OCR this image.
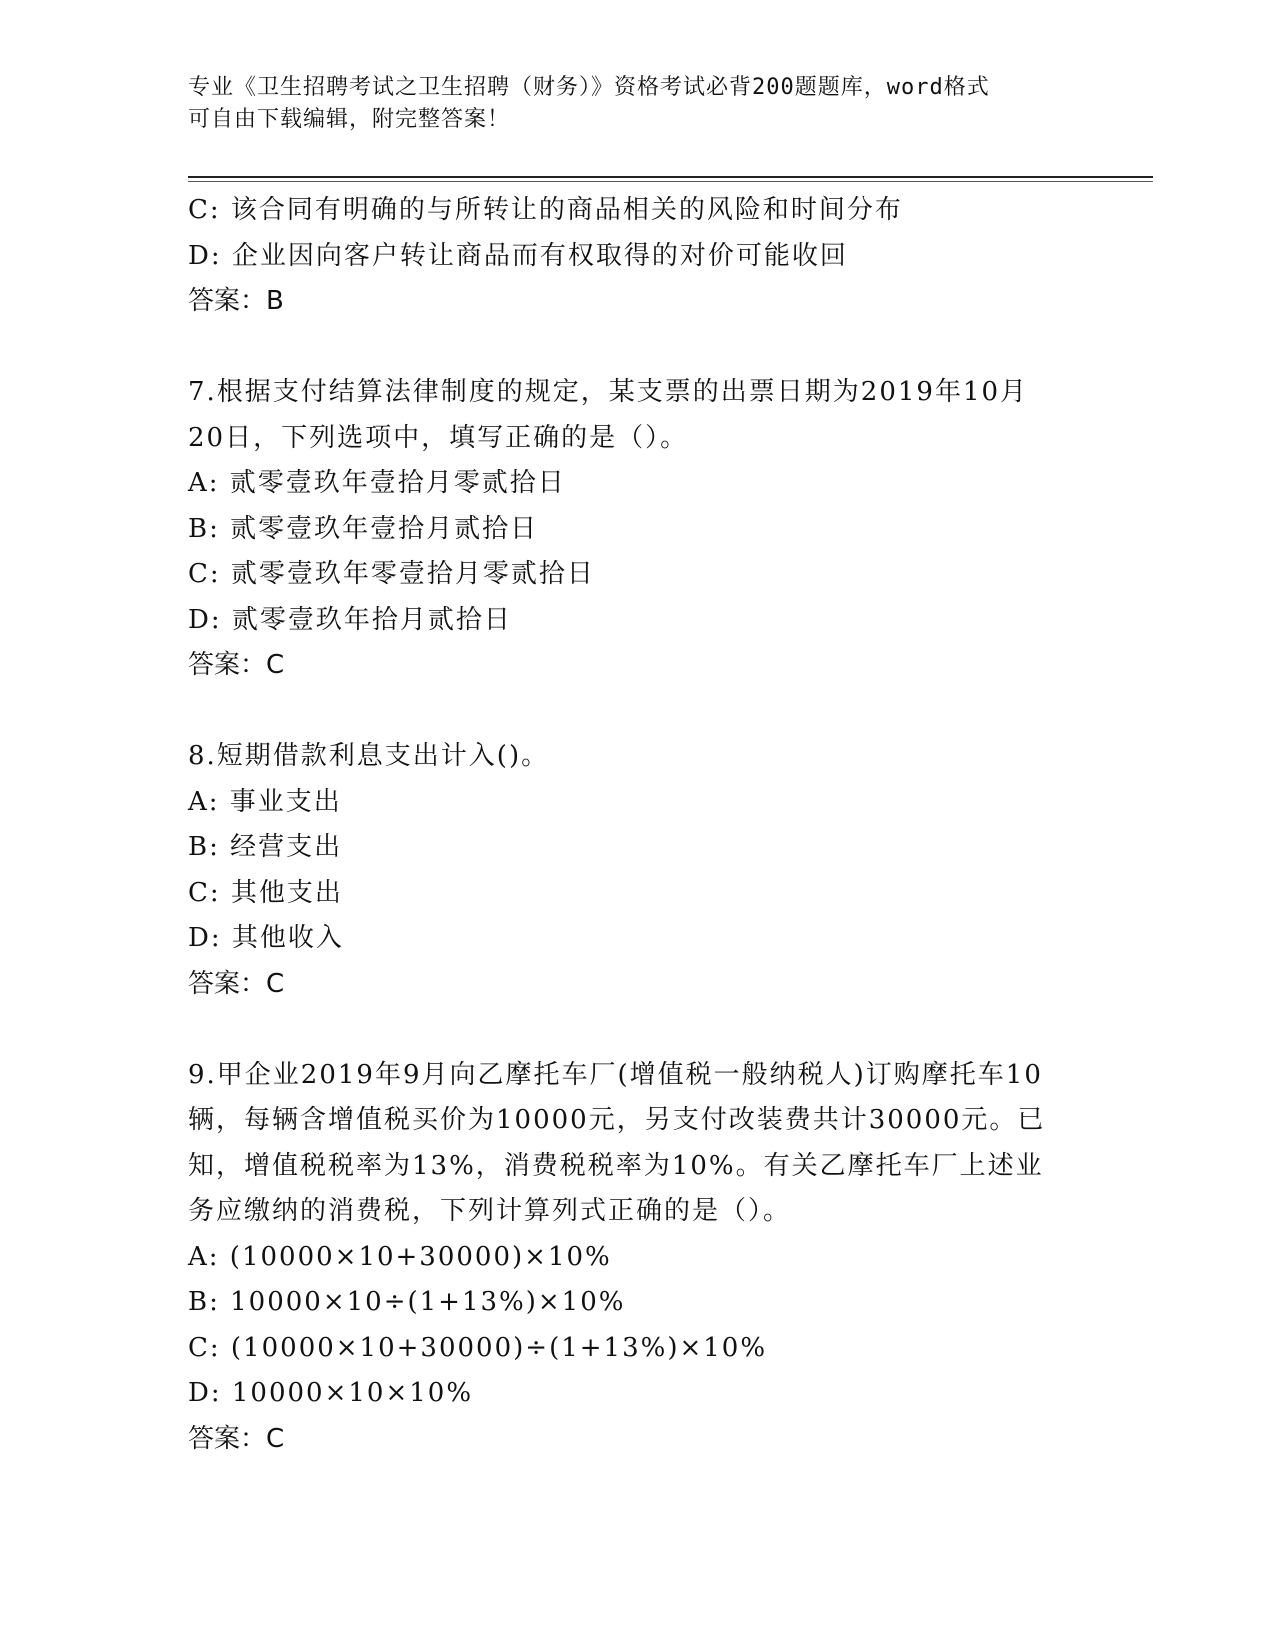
专业《卫生招聘考试之卫生招聘（财务）》资格考试必背200题题库，word格式
可自由下载编辑，附完整答案！
C: 该合同有明确的与所转让的商品相关的风险和时间分布
D: 企业因向客户转让商品而有权取得的对价可能收回
答案：B
7.根据支付结算法律制度的规定，某支票的出票日期为2019年10月
20日，下列选项中，填写正确的是（）。
A: 贰零壹玖年壹拾月零贰拾日
B: 贰零壹玖年壹拾月贰拾日
C: 贰零壹玖年零壹拾月零贰拾日
D: 贰零壹玖年拾月贰拾日
答案：C
8.短期借款利息支出计入()。
A: 事业支出
B: 经营支出
C: 其他支出
D: 其他收入
答案：C
9.甲企业2019年9月向乙摩托车厂(增值税一般纳税人)订购摩托车10
辆，每辆含增值税买价为10000元，另支付改装费共计30000元。已
知，增值税税率为13%，消费税税率为10%。有关乙摩托车厂上述业
务应缴纳的消费税，下列计算列式正确的是（）。
A: (10000×10+30000)×10%
B: 10000×10÷(1+13%)×10%
C: (10000×10+30000)÷(1+13%)×10%
D: 10000×10×10%
答案：C
